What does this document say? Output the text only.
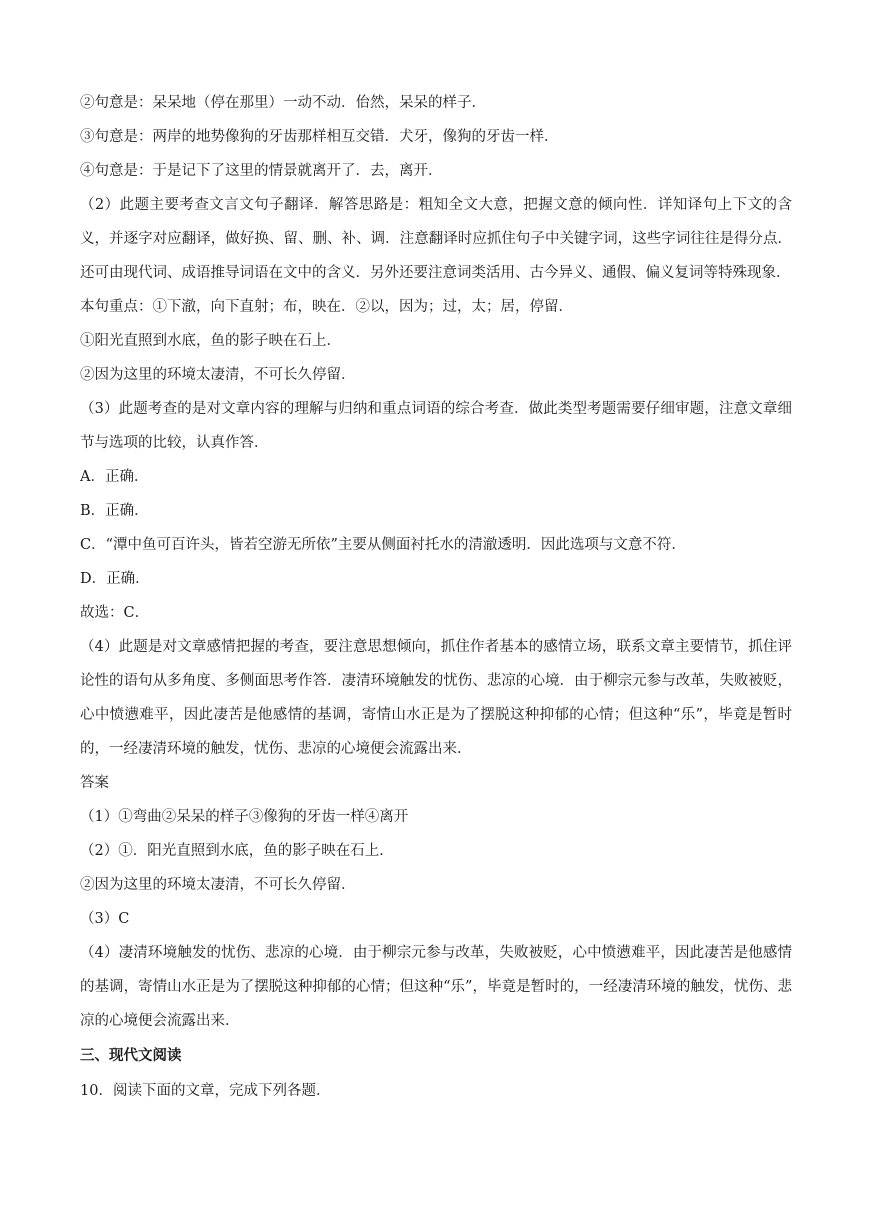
②句意是：呆呆地（停在那里）一动不动．佁然，呆呆的样子．
③句意是：两岸的地势像狗的牙齿那样相互交错．犬牙，像狗的牙齿一样．
④句意是：于是记下了这里的情景就离开了．去，离开．
（2）此题主要考查文言文句子翻译．解答思路是：粗知全文大意，把握文意的倾向性．详知译句上下文的含义，并逐字对应翻译，做好换、留、删、补、调．注意翻译时应抓住句子中关键字词，这些字词往往是得分点．还可由现代词、成语推导词语在文中的含义．另外还要注意词类活用、古今异义、通假、偏义复词等特殊现象．
本句重点：①下澈，向下直射；布，映在．②以，因为；过，太；居，停留．
①阳光直照到水底，鱼的影子映在石上．
②因为这里的环境太凄清，不可长久停留．
（3）此题考查的是对文章内容的理解与归纳和重点词语的综合考查．做此类型考题需要仔细审题，注意文章细节与选项的比较，认真作答．
A．正确．
B．正确．
C．“潭中鱼可百许头，皆若空游无所依”主要从侧面衬托水的清澈透明．因此选项与文意不符．
D．正确．
故选：C．
（4）此题是对文章感情把握的考查，要注意思想倾向，抓住作者基本的感情立场，联系文章主要情节，抓住评论性的语句从多角度、多侧面思考作答．凄清环境触发的忧伤、悲凉的心境．由于柳宗元参与改革，失败被贬，心中愤懑难平，因此凄苦是他感情的基调，寄情山水正是为了摆脱这种抑郁的心情；但这种“乐”，毕竟是暂时的，一经凄清环境的触发，忧伤、悲凉的心境便会流露出来．
答案
（1）①弯曲②呆呆的样子③像狗的牙齿一样④离开
（2）①．阳光直照到水底，鱼的影子映在石上．
②因为这里的环境太凄清，不可长久停留．
（3）C
（4）凄清环境触发的忧伤、悲凉的心境．由于柳宗元参与改革，失败被贬，心中愤懑难平，因此凄苦是他感情的基调，寄情山水正是为了摆脱这种抑郁的心情；但这种“乐”，毕竟是暂时的，一经凄清环境的触发，忧伤、悲凉的心境便会流露出来．
三、现代文阅读
10．阅读下面的文章，完成下列各题．
